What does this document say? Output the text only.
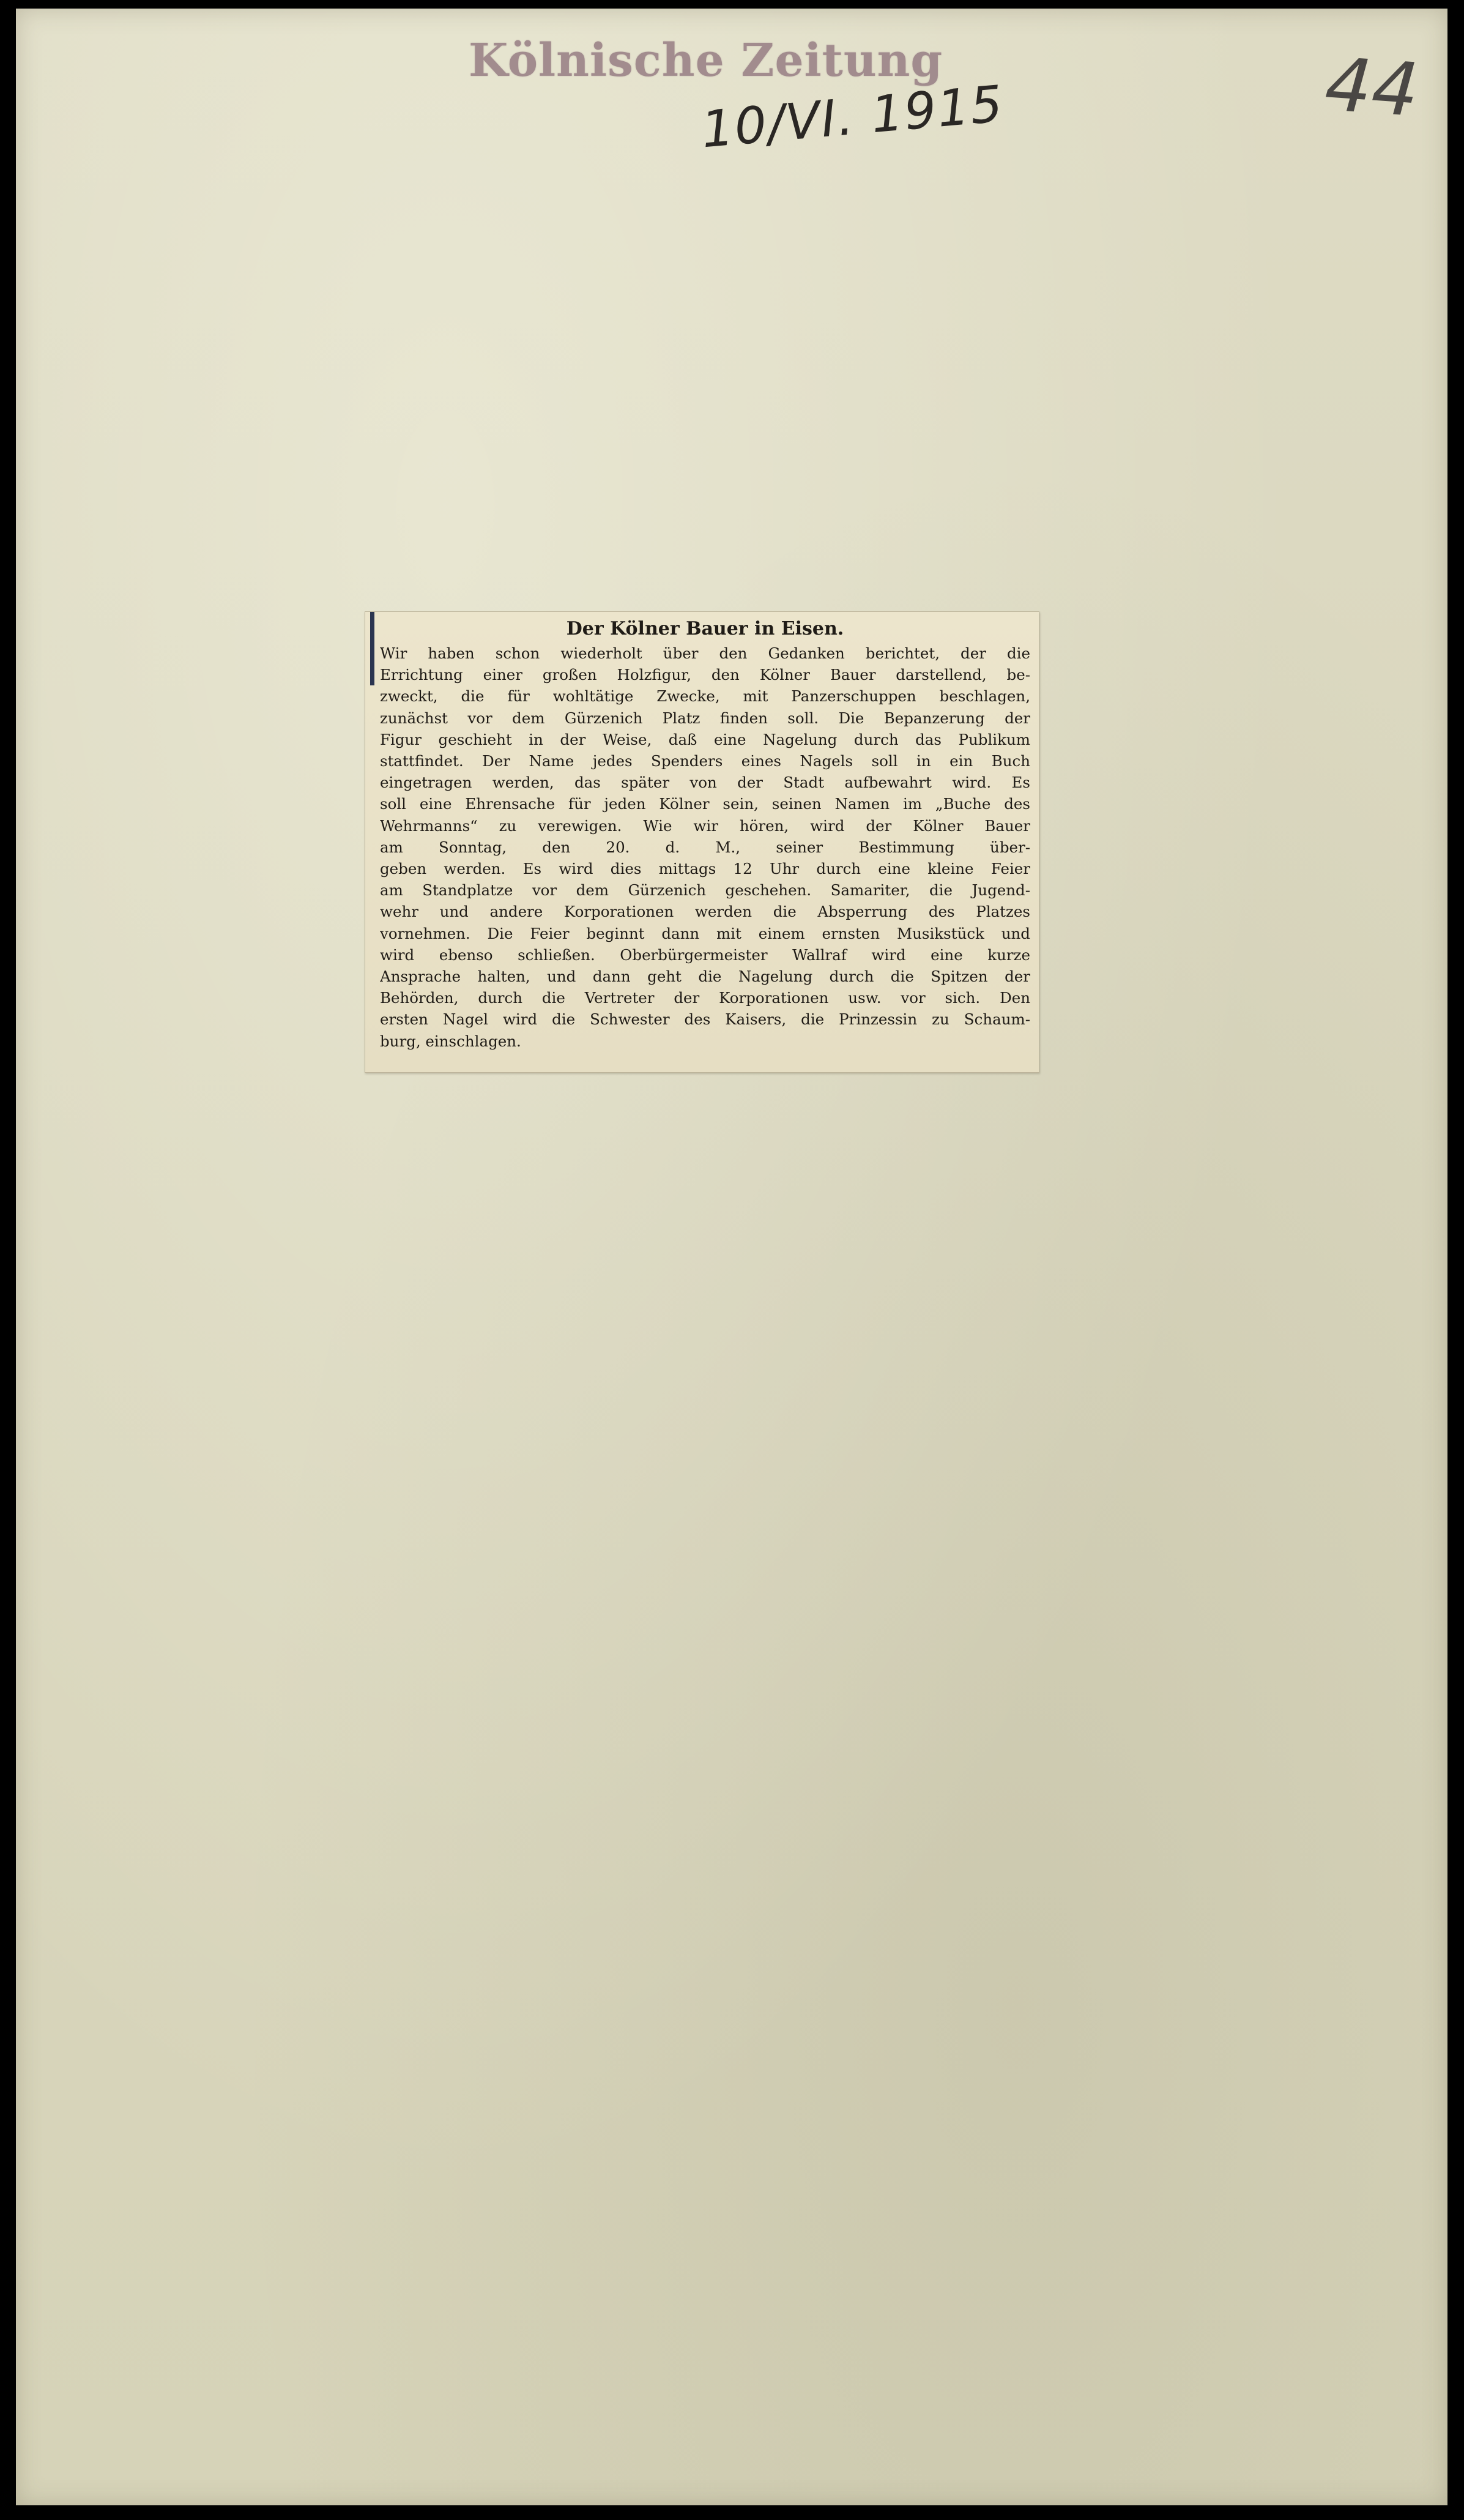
Kölnische Zeitung
10/VI. 1915	44
Der Kölner Bauer in Eisen.
Wir haben schon wiederholt über den Gedanken berichtet, der die
Errichtung einer großen Holzfigur, den Kölner Bauer darstellend, be-
zweckt, die für wohltätige Zwecke, mit Panzerschuppen beschlagen,
zunächst vor dem Gürzenich Platz finden soll. Die Bepanzerung der
Figur geschieht in der Weise, daß eine Nagelung durch das Publikum
stattfindet. Der Name jedes Spenders eines Nagels soll in ein Buch
eingetragen werden, das später von der Stadt aufbewahrt wird. Es
soll eine Ehrensache für jeden Kölner sein, seinen Namen im „Buche des
Wehrmanns“ zu verewigen. Wie wir hören, wird der Kölner Bauer
am Sonntag, den 20. d. M., seiner Bestimmung über-
geben werden. Es wird dies mittags 12 Uhr durch eine kleine Feier
am Standplatze vor dem Gürzenich geschehen. Samariter, die Jugend-
wehr und andere Korporationen werden die Absperrung des Platzes
vornehmen. Die Feier beginnt dann mit einem ernsten Musikstück und
wird ebenso schließen. Oberbürgermeister Wallraf wird eine kurze
Ansprache halten, und dann geht die Nagelung durch die Spitzen der
Behörden, durch die Vertreter der Korporationen usw. vor sich. Den
ersten Nagel wird die Schwester des Kaisers, die Prinzessin zu Schaum-
burg, einschlagen.
